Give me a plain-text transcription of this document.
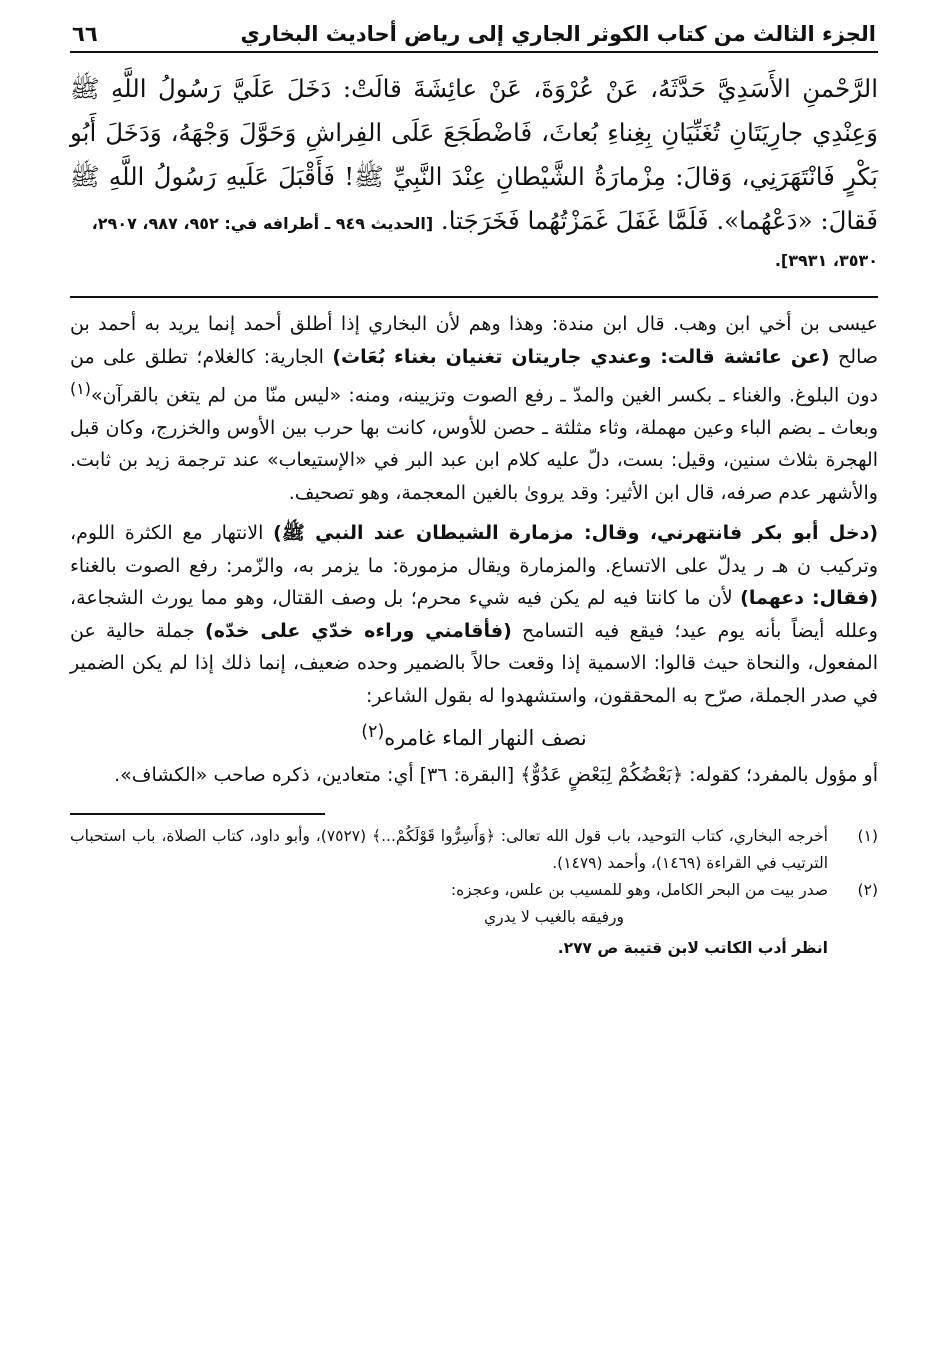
الجزء الثالث من كتاب الكوثر الجاري إلى رياض أحاديث البخاري
٦٦
الرَّحْمنِ الأَسَدِيَّ حَدَّثَهُ، عَنْ عُرْوَةَ، عَنْ عائِشَةَ قالَتْ: دَخَلَ عَلَيَّ رَسُولُ اللَّهِ ﷺ وَعِنْدِي جارِيَتَانِ تُغَنِّيَانِ بِغِناءِ بُعاثَ، فَاضْطَجَعَ عَلَى الفِراشِ وَحَوَّلَ وَجْهَهُ، وَدَخَلَ أَبُو بَكْرٍ فَانْتَهَرَنِي، وَقالَ: مِزْمارَةُ الشَّيْطانِ عِنْدَ النَّبِيِّ ﷺ! فَأَقْبَلَ عَلَيهِ رَسُولُ اللَّهِ ﷺ فَقالَ: «دَعْهُما». فَلَمَّا غَفَلَ غَمَزْتُهُما فَخَرَجَتا. [الحديث ٩٤٩ ـ أطرافه في: ٩٥٢، ٩٨٧، ٢٩٠٧،
٣٥٣٠، ٣٩٣١].

عيسى بن أخي ابن وهب. قال ابن مندة: وهذا وهم لأن البخاري إذا أطلق أحمد إنما يريد به أحمد بن صالح (عن عائشة قالت: وعندي جاريتان تغنيان بغناء بُعَاث) الجارية: كالغلام؛ تطلق على من دون البلوغ. والغناء ـ بكسر الغين والمدّ ـ رفع الصوت وتزيينه، ومنه: «ليس منّا من لم يتغن بالقرآن»$^{(١)}$ وبعاث ـ بضم الباء وعين مهملة، وثاء مثلثة ـ حصن للأوس، كانت بها حرب بين الأوس والخزرج، وكان قبل الهجرة بثلاث سنين، وقيل: بست، دلّ عليه كلام ابن عبد البر في «الإستيعاب» عند ترجمة زيد بن ثابت. والأشهر عدم صرفه، قال ابن الأثير: وقد يروىٰ بالغين المعجمة، وهو تصحيف.

(دخل أبو بكر فانتهرني، وقال: مزمارة الشيطان عند النبي ﷺ) الانتهار مع الكثرة اللوم، وتركيب ن هـ ر يدلّ على الاتساع. والمزمارة ويقال مزمورة: ما يزمر به، والزّمر: رفع الصوت بالغناء (فقال: دعهما) لأن ما كانتا فيه لم يكن فيه شيء محرم؛ بل وصف القتال، وهو مما يورث الشجاعة، وعلله أيضاً بأنه يوم عيد؛ فيقع فيه التسامح (فأقامني وراءه خدّي على خدّه) جملة حالية عن المفعول، والنحاة حيث قالوا: الاسمية إذا وقعت حالاً بالضمير وحده ضعيف، إنما ذلك إذا لم يكن الضمير في صدر الجملة، صرّح به المحققون، واستشهدوا له بقول الشاعر:

نصف النهار الماء غامره$^{(٢)}$

أو مؤول بالمفرد؛ كقوله: ﴿بَعْضُكُمْ لِبَعْضٍ عَدُوٌّ﴾ [البقرة: ٣٦] أي: متعادين، ذكره صاحب «الكشاف».

(١)
أخرجه البخاري، كتاب التوحيد، باب قول الله تعالى: ﴿وَأَسِرُّوا قَوْلَكُمْ...﴾ (٧٥٢٧)، وأبو داود، كتاب الصلاة، باب استحباب الترتيب في القراءة (١٤٦٩)، وأحمد (١٤٧٩).
(٢)
صدر بيت من البحر الكامل، وهو للمسيب بن علس، وعجزه:
ورفيقه بالغيب لا يدري
انظر أدب الكاتب لابن قتيبة ص ٢٧٧.
